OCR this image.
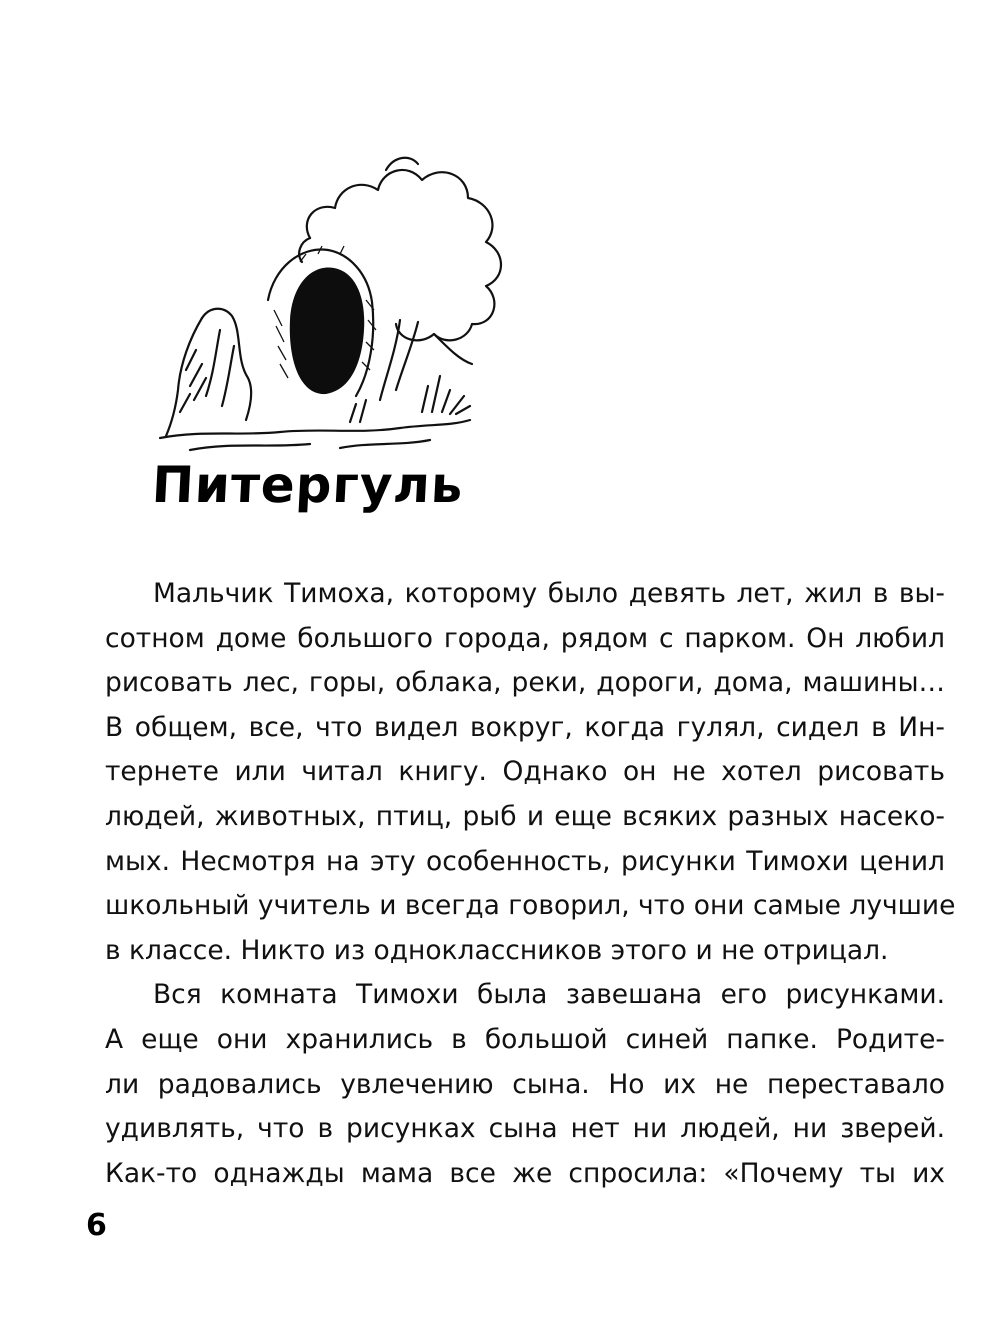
Питергуль
Мальчик Тимоха, которому было девять лет, жил в вы-
сотном доме большого города, рядом с парком. Он любил
рисовать лес, горы, облака, реки, дороги, дома, машины…
В общем, все, что видел вокруг, когда гулял, сидел в Ин-
тернете или читал книгу. Однако он не хотел рисовать
людей, животных, птиц, рыб и еще всяких разных насеко-
мых. Несмотря на эту особенность, рисунки Тимохи ценил
школьный учитель и всегда говорил, что они самые лучшие
в классе. Никто из одноклассников этого и не отрицал.
Вся комната Тимохи была завешана его рисунками.
А еще они хранились в большой синей папке. Родите-
ли радовались увлечению сына. Но их не переставало
удивлять, что в рисунках сына нет ни людей, ни зверей.
Как-то однажды мама все же спросила: «Почему ты их
6
